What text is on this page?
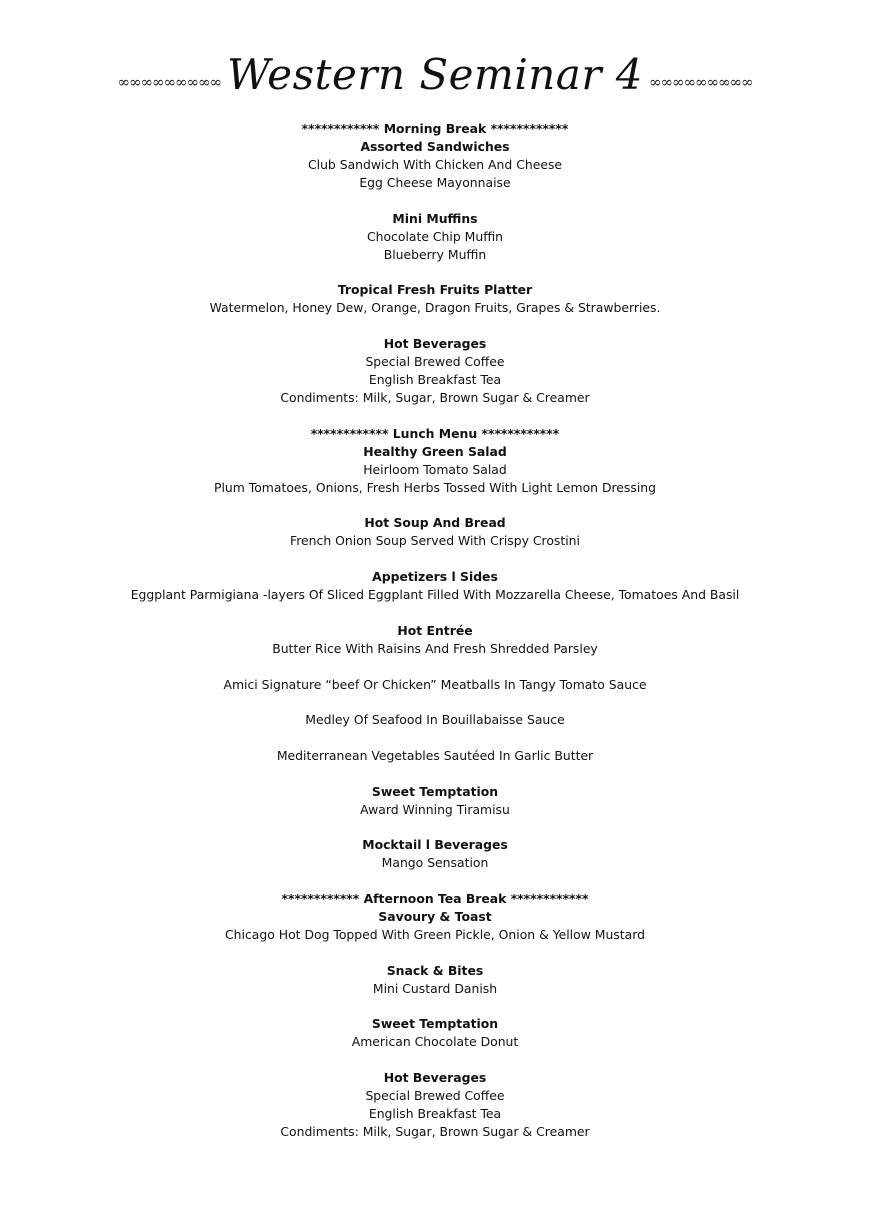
∞∞∞∞∞∞∞∞∞ Western Seminar 4 ∞∞∞∞∞∞∞∞∞
************ Morning Break ************
Assorted Sandwiches
Club Sandwich With Chicken And Cheese
Egg Cheese Mayonnaise
Mini Muffins
Chocolate Chip Muffin
Blueberry Muffin
Tropical Fresh Fruits Platter
Watermelon, Honey Dew, Orange, Dragon Fruits, Grapes & Strawberries.
Hot Beverages
Special Brewed Coffee
English Breakfast Tea
Condiments: Milk, Sugar, Brown Sugar & Creamer
************ Lunch Menu ************
Healthy Green Salad
Heirloom Tomato Salad
Plum Tomatoes, Onions, Fresh Herbs Tossed With Light Lemon Dressing
Hot Soup And Bread
French Onion Soup Served With Crispy Crostini
Appetizers l Sides
Eggplant Parmigiana -layers Of Sliced Eggplant Filled With Mozzarella Cheese, Tomatoes And Basil
Hot Entrée
Butter Rice With Raisins And Fresh Shredded Parsley
Amici Signature “beef Or Chicken” Meatballs In Tangy Tomato Sauce
Medley Of Seafood In Bouillabaisse Sauce
Mediterranean Vegetables Sautéed In Garlic Butter
Sweet Temptation
Award Winning Tiramisu
Mocktail l Beverages
Mango Sensation
************ Afternoon Tea Break ************
Savoury & Toast
Chicago Hot Dog Topped With Green Pickle, Onion & Yellow Mustard
Snack & Bites
Mini Custard Danish
Sweet Temptation
American Chocolate Donut
Hot Beverages
Special Brewed Coffee
English Breakfast Tea
Condiments: Milk, Sugar, Brown Sugar & Creamer
